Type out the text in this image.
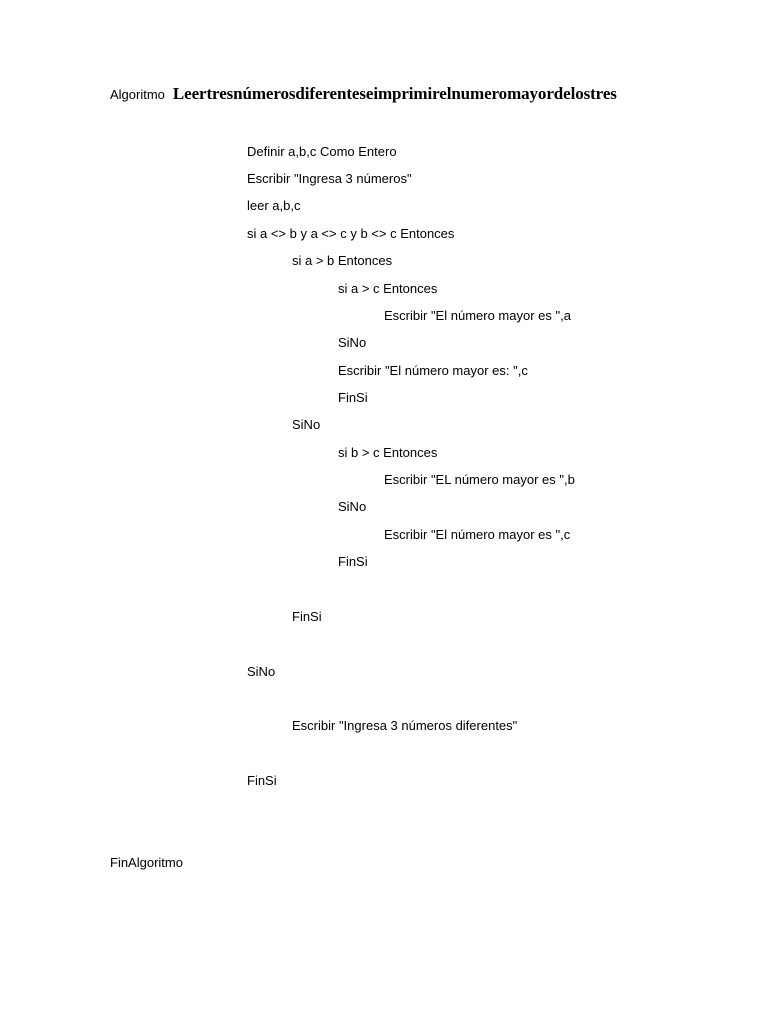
Algoritmo Leertresnúmerosdiferenteseimprimirelnumeromayordelostres
Definir a,b,c Como Entero
Escribir "Ingresa 3 números"
leer a,b,c
si a <> b y a <> c y b <> c Entonces
si a > b Entonces
si a > c Entonces
Escribir "El número mayor es ",a
SiNo
Escribir "El número mayor es: ",c
FinSi
SiNo
si b > c Entonces
Escribir "EL número mayor es ",b
SiNo
Escribir "El número mayor es ",c
FinSi
FinSi
SiNo
Escribir "Ingresa 3 números diferentes"
FinSi
FinAlgoritmo
